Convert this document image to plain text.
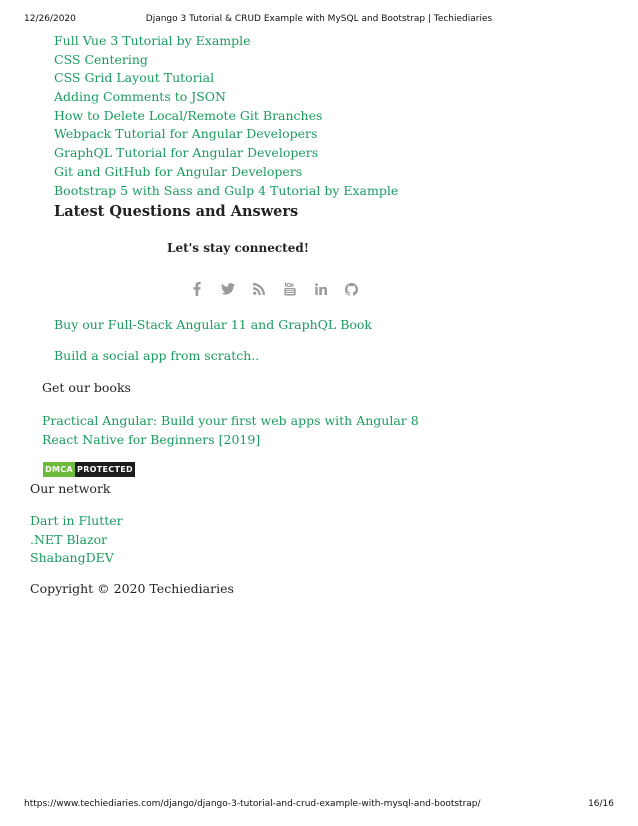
12/26/2020	Django 3 Tutorial & CRUD Example with MySQL and Bootstrap | Techiediaries
Full Vue 3 Tutorial by Example
CSS Centering
CSS Grid Layout Tutorial
Adding Comments to JSON
How to Delete Local/Remote Git Branches
Webpack Tutorial for Angular Developers
GraphQL Tutorial for Angular Developers
Git and GitHub for Angular Developers
Bootstrap 5 with Sass and Gulp 4 Tutorial by Example
Latest Questions and Answers

Let's stay connected!

Buy our Full-Stack Angular 11 and GraphQL Book
Build a social app from scratch..
Get our books
Practical Angular: Build your first web apps with Angular 8
React Native for Beginners [2019]
DMCA PROTECTED
Our network
Dart in Flutter
.NET Blazor
ShabangDEV
Copyright © 2020 Techiediaries
https://www.techiediaries.com/django/django-3-tutorial-and-crud-example-with-mysql-and-bootstrap/	16/16
